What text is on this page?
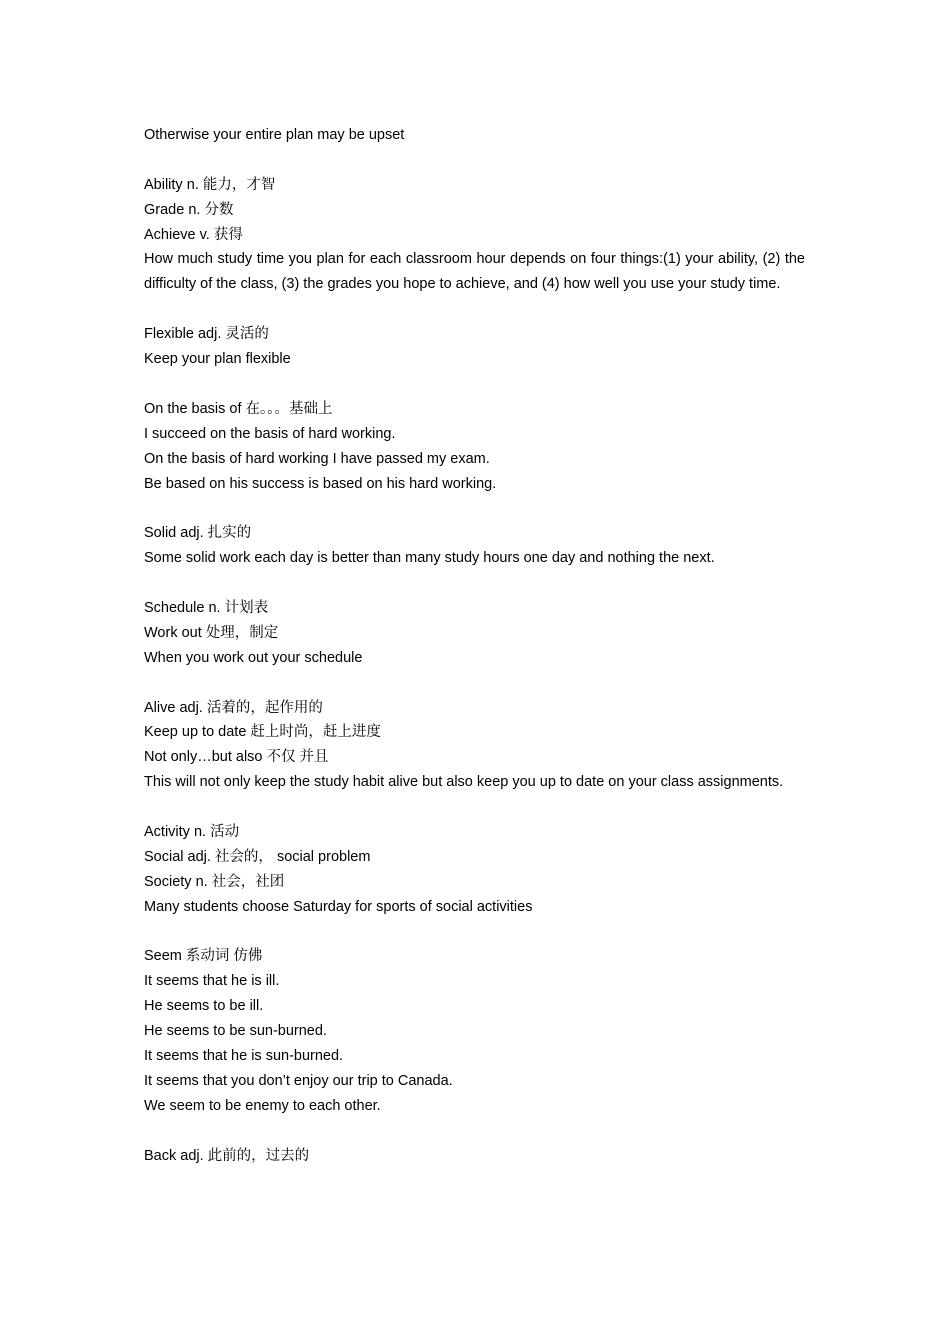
Otherwise your entire plan may be upset
Ability n. 能力，才智
Grade n. 分数
Achieve v. 获得
How much study time you plan for each classroom hour depends on four things:(1) your ability, (2) the difficulty of the class, (3) the grades you hope to achieve, and (4) how well you use your study time.
Flexible adj. 灵活的
Keep your plan flexible
On the basis of 在。。。基础上
I succeed on the basis of hard working.
On the basis of hard working I have passed my exam.
Be based on his success is based on his hard working.
Solid adj. 扎实的
Some solid work each day is better than many study hours one day and nothing the next.
Schedule n. 计划表
Work out 处理，制定
When you work out your schedule
Alive adj. 活着的，起作用的
Keep up to date 赶上时尚，赶上进度
Not only…but also 不仅 并且
This will not only keep the study habit alive but also keep you up to date on your class assignments.
Activity n. 活动
Social adj. 社会的， social problem
Society n. 社会，社团
Many students choose Saturday for sports of social activities
Seem 系动词 仿佛
It seems that he is ill.
He seems to be ill.
He seems to be sun-burned.
It seems that he is sun-burned.
It seems that you don’t enjoy our trip to Canada.
We seem to be enemy to each other.
Back adj. 此前的，过去的
